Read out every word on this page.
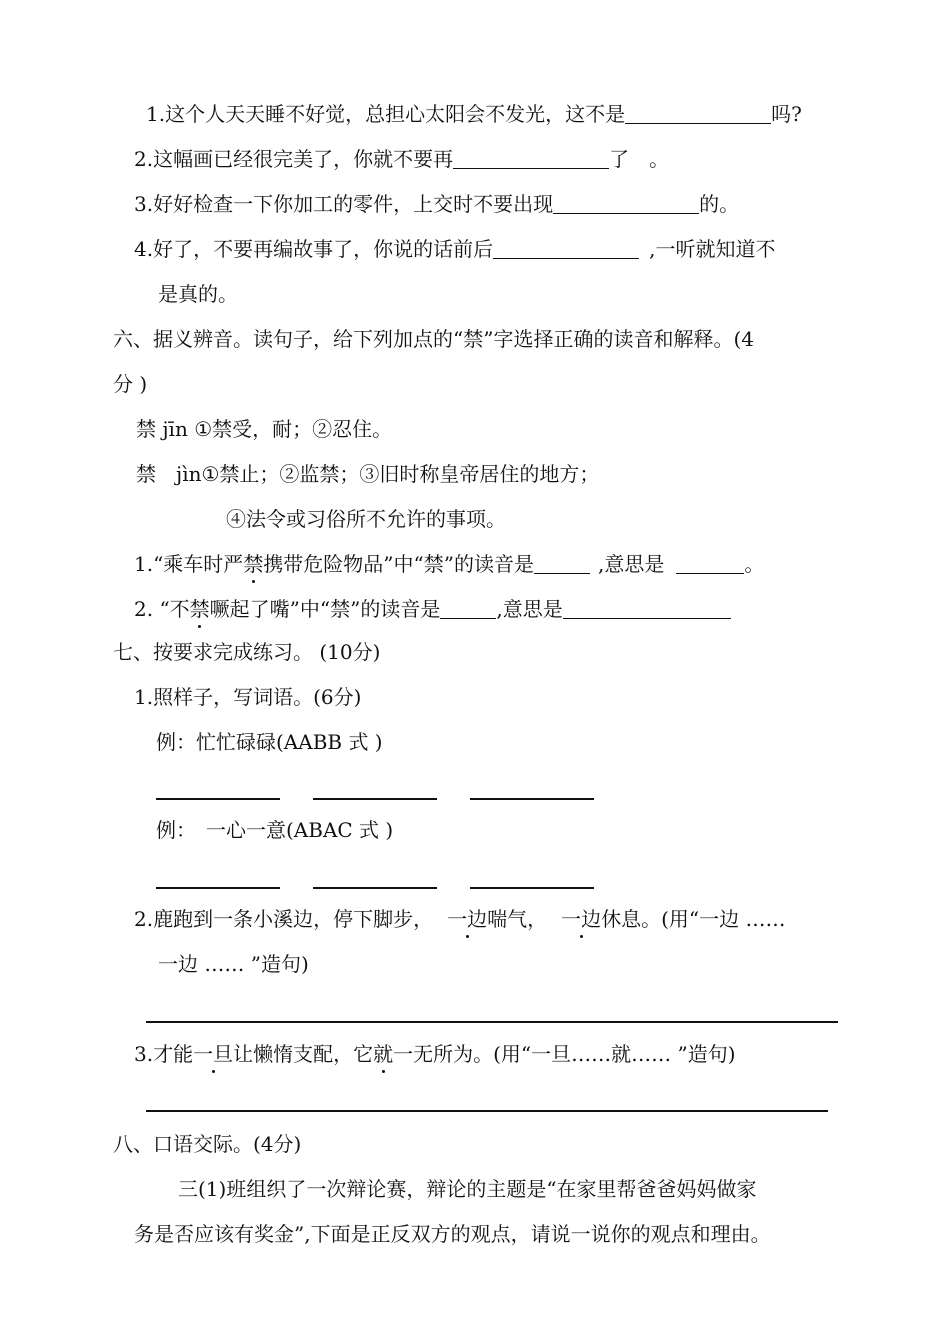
1.这个人天天睡不好觉，总担心太阳会不发光，这不是	吗?
2.这幅画已经很完美了，你就不要再	了　。
3.好好检查一下你加工的零件，上交时不要出现	的。
4.好了，不要再编故事了，你说的话前后	,一听就知道不
是真的。
六、据义辨音。读句子，给下列加点的“禁”字选择正确的读音和解释。(4
分 )
禁 jīn ①禁受，耐；②忍住。
禁　jìn①禁止；②监禁；③旧时称皇帝居住的地方；
④法令或习俗所不允许的事项。
1.“乘车时严禁携带危险物品”中“禁”的读音是	,意思是	。
2. “不禁噘起了嘴”中“禁”的读音是	,意思是
七、按要求完成练习。 (10分)
1.照样子，写词语。(6分)
例：忙忙碌碌(AABB 式 )
例：　一心一意(ABAC 式 )
2.鹿跑到一条小溪边，停下脚步， 一边喘气， 一边休息。(用“一边 ……
一边 …… ”造句)
3.才能一旦让懒惰支配，它就一无所为。(用“一旦……就…… ”造句)
八、口语交际。(4分)
三(1)班组织了一次辩论赛，辩论的主题是“在家里帮爸爸妈妈做家
务是否应该有奖金”,下面是正反双方的观点，请说一说你的观点和理由。
